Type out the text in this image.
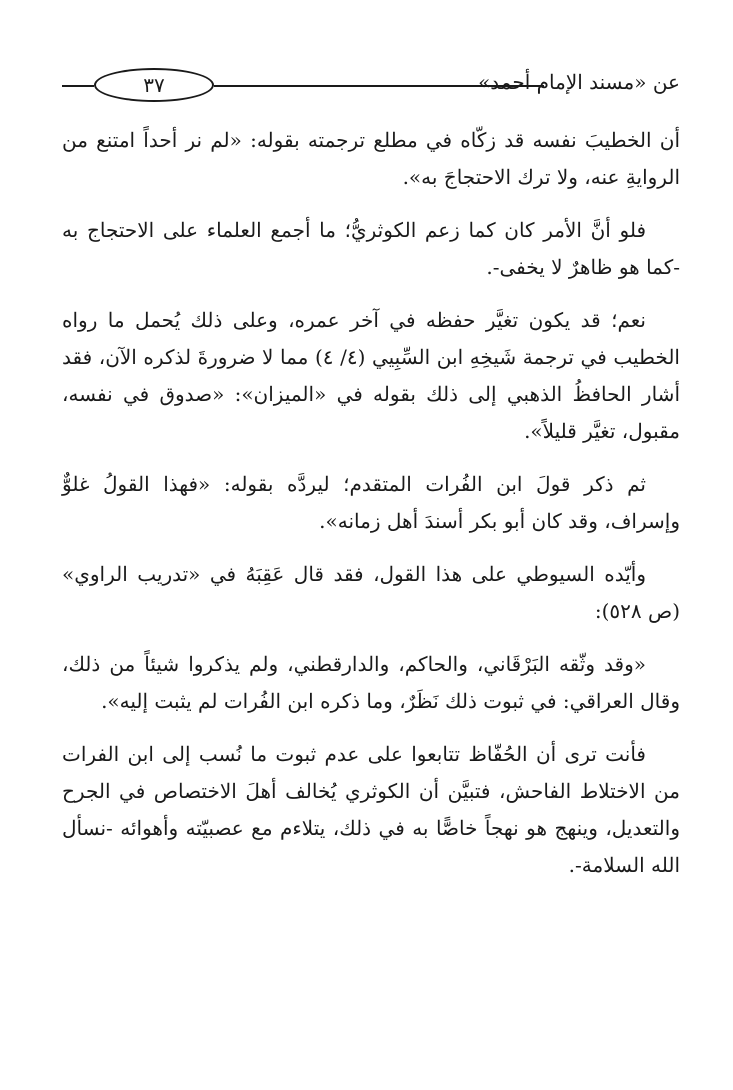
٣٧	عن «مسند الإمام أحمد»

أن الخطيبَ نفسه قد زكّاه في مطلع ترجمته بقوله: «لم نر أحداً امتنع من الروايةِ عنه، ولا ترك الاحتجاجَ به».

فلو أنَّ الأمر كان كما زعم الكوثريُّ؛ ما أجمع العلماء على الاحتجاج به -كما هو ظاهرٌ لا يخفى-.

نعم؛ قد يكون تغيَّر حفظه في آخر عمره، وعلى ذلك يُحمل ما رواه الخطيب في ترجمة شَيخِهِ ابن السِّبِيي (٤/ ٤) مما لا ضرورةَ لذكره الآن، فقد أشار الحافظُ الذهبي إلى ذلك بقوله في «الميزان»: «صدوق في نفسه، مقبول، تغيَّر قليلاً».

ثم ذكر قولَ ابن الفُرات المتقدم؛ ليردَّه بقوله: «فهذا القولُ غلوٌّ وإسراف، وقد كان أبو بكر أسندَ أهل زمانه».

وأيّده السيوطي على هذا القول، فقد قال عَقِبَهُ في «تدريب الراوي» (ص ٥٢٨):

«وقد وثّقه البَرْقَاني، والحاكم، والدارقطني، ولم يذكروا شيئاً من ذلك، وقال العراقي: في ثبوت ذلك نَظَرٌ، وما ذكره ابن الفُرات لم يثبت إليه».

فأنت ترى أن الحُفّاظ تتابعوا على عدم ثبوت ما نُسب إلى ابن الفرات من الاختلاط الفاحش، فتبيَّن أن الكوثري يُخالف أهلَ الاختصاص في الجرح والتعديل، وينهج هو نهجاً خاصًّا به في ذلك، يتلاءم مع عصبيّته وأهوائه -نسأل الله السلامة-.
